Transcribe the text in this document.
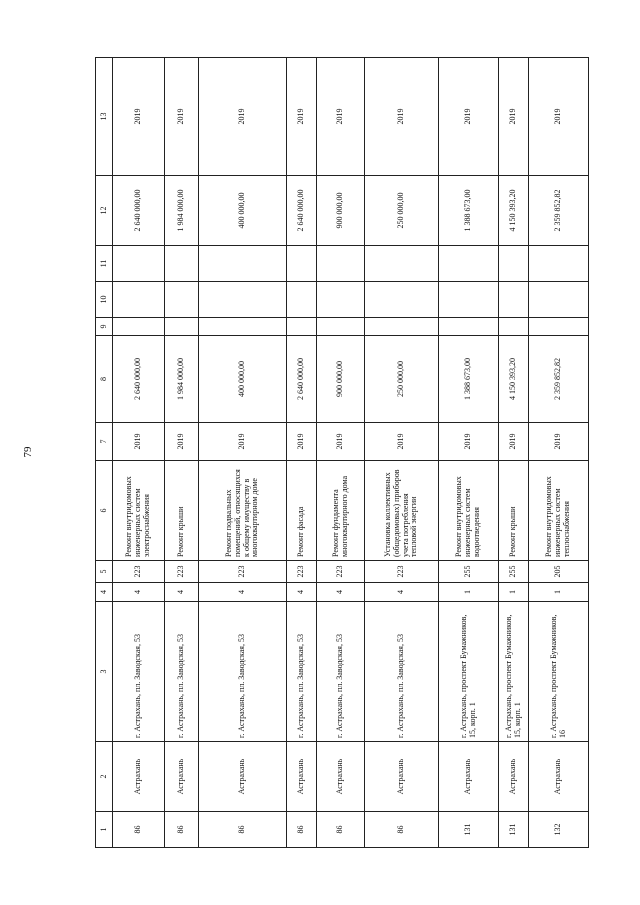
79
1	2	3	4	5	6	7	8	9	10	11	12	13
86	Астрахань	г. Астрахань, пл. Заводская, 53	4	223	Ремонт внутридомовых инженерных систем электроснабжения	2019	2 640 000,00				2 640 000,00	2019
86	Астрахань	г. Астрахань, пл. Заводская, 53	4	223	Ремонт крыши	2019	1 984 000,00				1 984 000,00	2019
86	Астрахань	г. Астрахань, пл. Заводская, 53	4	223	Ремонт подвальных помещений, относящихся к общему имуществу в многоквартирном доме	2019	400 000,00				400 000,00	2019
86	Астрахань	г. Астрахань, пл. Заводская, 53	4	223	Ремонт фасада	2019	2 640 000,00				2 640 000,00	2019
86	Астрахань	г. Астрахань, пл. Заводская, 53	4	223	Ремонт фундамента многоквартирного дома	2019	900 000,00				900 000,00	2019
86	Астрахань	г. Астрахань, пл. Заводская, 53	4	223	Установка коллективных (общедомовых) приборов учета потребления тепловой энергии	2019	250 000,00				250 000,00	2019
131	Астрахань	г. Астрахань, проспект Бумажников, 15, корп. 1	1	255	Ремонт внутридомовых инженерных систем водоотведения	2019	1 388 673,00				1 388 673,00	2019
131	Астрахань	г. Астрахань, проспект Бумажников, 15, корп. 1	1	255	Ремонт крыши	2019	4 150 393,20				4 150 393,20	2019
132	Астрахань	г. Астрахань, проспект Бумажников, 16	1	205	Ремонт внутридомовых инженерных систем теплоснабжения	2019	2 359 852,82				2 359 852,82	2019
